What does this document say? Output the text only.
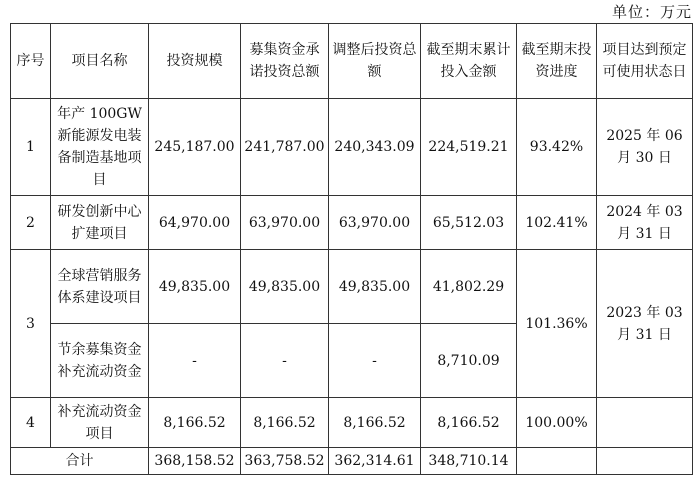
单位：万元
序号	项目名称	投资规模	募集资金承诺投资总额	调整后投资总额	截至期末累计投入金额	截至期末投资进度	项目达到预定可使用状态日
1	年产 100GW 新能源发电装备制造基地项目	245,187.00	241,787.00	240,343.09	224,519.21	93.42%	2025 年 06 月 30 日
2	研发创新中心扩建项目	64,970.00	63,970.00	63,970.00	65,512.03	102.41%	2024 年 03 月 31 日
3	全球营销服务体系建设项目	49,835.00	49,835.00	49,835.00	41,802.29	101.36%	2023 年 03 月 31 日
	节余募集资金补充流动资金	-	-	-	8,710.09		
4	补充流动资金项目	8,166.52	8,166.52	8,166.52	8,166.52	100.00%	
合计		368,158.52	363,758.52	362,314.61	348,710.14		
